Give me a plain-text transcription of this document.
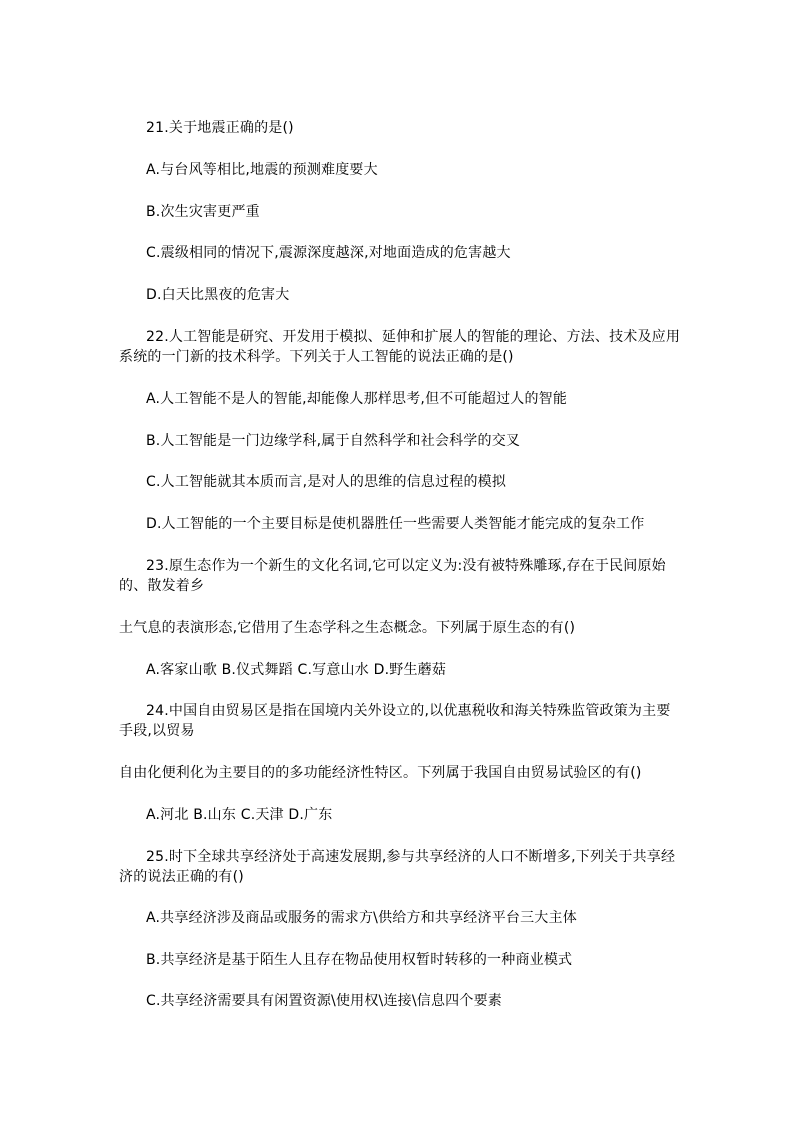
21.关于地震正确的是()
A.与台风等相比,地震的预测难度要大
B.次生灾害更严重
C.震级相同的情况下,震源深度越深,对地面造成的危害越大
D.白天比黑夜的危害大
22.人工智能是研究、开发用于模拟、延伸和扩展人的智能的理论、方法、技术及应用
系统的一门新的技术科学。下列关于人工智能的说法正确的是()
A.人工智能不是人的智能,却能像人那样思考,但不可能超过人的智能
B.人工智能是一门边缘学科,属于自然科学和社会科学的交叉
C.人工智能就其本质而言,是对人的思维的信息过程的模拟
D.人工智能的一个主要目标是使机器胜任一些需要人类智能才能完成的复杂工作
23.原生态作为一个新生的文化名词,它可以定义为:没有被特殊雕琢,存在于民间原始
的、散发着乡
土气息的表演形态,它借用了生态学科之生态概念。下列属于原生态的有()
A.客家山歌 B.仪式舞蹈 C.写意山水 D.野生蘑菇
24.中国自由贸易区是指在国境内关外设立的,以优惠税收和海关特殊监管政策为主要
手段,以贸易
自由化便利化为主要目的的多功能经济性特区。下列属于我国自由贸易试验区的有()
A.河北 B.山东 C.天津 D.广东
25.时下全球共享经济处于高速发展期,参与共享经济的人口不断增多,下列关于共享经
济的说法正确的有()
A.共享经济涉及商品或服务的需求方\供给方和共享经济平台三大主体
B.共享经济是基于陌生人且存在物品使用权暂时转移的一种商业模式
C.共享经济需要具有闲置资源\使用权\连接\信息四个要素
